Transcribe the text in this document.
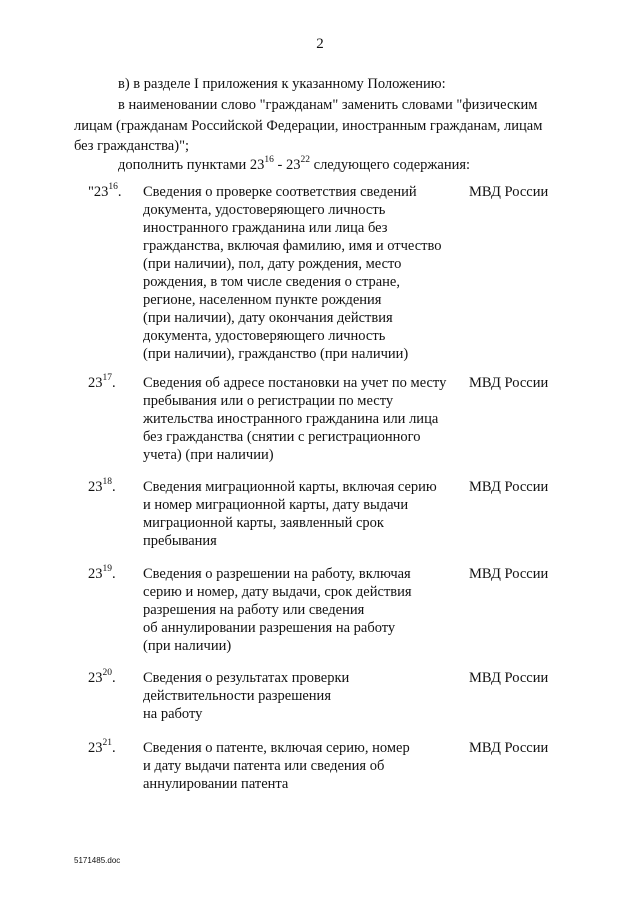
2
в) в разделе I приложения к указанному Положению:
в наименовании слово "гражданам" заменить словами "физическим
лицам (гражданам Российской Федерации, иностранным гражданам, лицам
без гражданства)";
дополнить пунктами $23^{16} - 23^{22}$ следующего содержания:
"$23^{16}$. Сведения о проверке соответствия сведений
документа, удостоверяющего личность
иностранного гражданина или лица без
гражданства, включая фамилию, имя и отчество
(при наличии), пол, дату рождения, место
рождения, в том числе сведения о стране,
регионе, населенном пункте рождения
(при наличии), дату окончания действия
документа, удостоверяющего личность
(при наличии), гражданство (при наличии)
МВД России
$23^{17}$. Сведения об адресе постановки на учет по месту
пребывания или о регистрации по месту
жительства иностранного гражданина или лица
без гражданства (снятии с регистрационного
учета) (при наличии)
МВД России
$23^{18}$. Сведения миграционной карты, включая серию
и номер миграционной карты, дату выдачи
миграционной карты, заявленный срок
пребывания
МВД России
$23^{19}$. Сведения о разрешении на работу, включая
серию и номер, дату выдачи, срок действия
разрешения на работу или сведения
об аннулировании разрешения на работу
(при наличии)
МВД России
$23^{20}$. Сведения о результатах проверки
действительности разрешения
на работу
МВД России
$23^{21}$. Сведения о патенте, включая серию, номер
и дату выдачи патента или сведения об
аннулировании патента
МВД России
5171485.doc
